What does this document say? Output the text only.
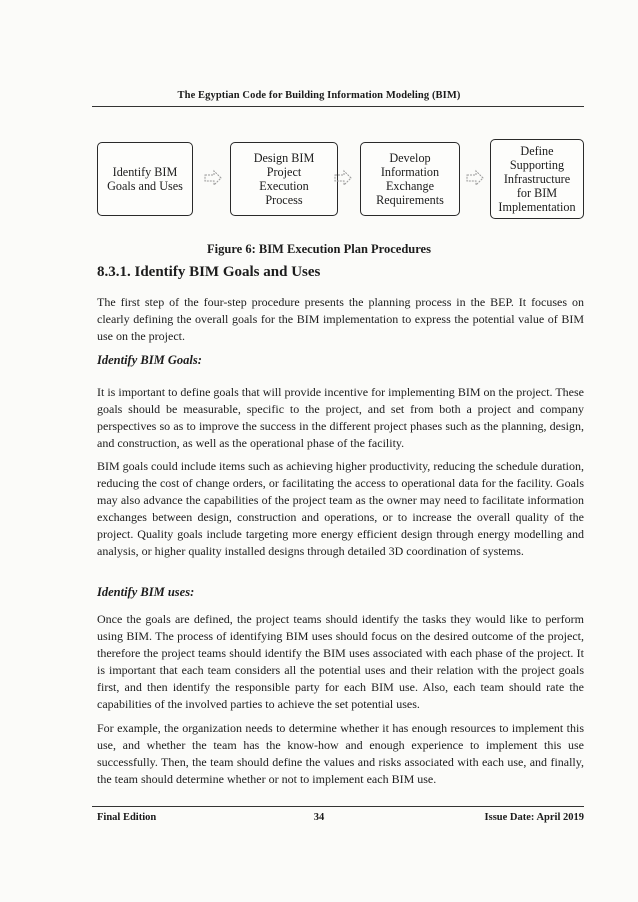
The Egyptian Code for Building Information Modeling (BIM)
Identify BIM
Goals and Uses
Design BIM
Project
Execution
Process
Develop
Information
Exchange
Requirements
Define
Supporting
Infrastructure
for BIM
Implementation
Figure 6: BIM Execution Plan Procedures
8.3.1. Identify BIM Goals and Uses

The first step of the four-step procedure presents the planning process in the BEP. It focuses on clearly defining the overall goals for the BIM implementation to express the potential value of BIM use on the project.

Identify BIM Goals:

It is important to define goals that will provide incentive for implementing BIM on the project. These goals should be measurable, specific to the project, and set from both a project and company perspectives so as to improve the success in the different project phases such as the planning, design, and construction, as well as the operational phase of the facility.

BIM goals could include items such as achieving higher productivity, reducing the schedule duration, reducing the cost of change orders, or facilitating the access to operational data for the facility. Goals may also advance the capabilities of the project team as the owner may need to facilitate information exchanges between design, construction and operations, or to increase the overall quality of the project. Quality goals include targeting more energy efficient design through energy modelling and analysis, or higher quality installed designs through detailed 3D coordination of systems.

Identify BIM uses:

Once the goals are defined, the project teams should identify the tasks they would like to perform using BIM. The process of identifying BIM uses should focus on the desired outcome of the project, therefore the project teams should identify the BIM uses associated with each phase of the project. It is important that each team considers all the potential uses and their relation with the project goals first, and then identify the responsible party for each BIM use. Also, each team should rate the capabilities of the involved parties to achieve the set potential uses.

For example, the organization needs to determine whether it has enough resources to implement this use, and whether the team has the know-how and enough experience to implement this use successfully. Then, the team should define the values and risks associated with each use, and finally, the team should determine whether or not to implement each BIM use.

Final Edition	34	Issue Date: April 2019
